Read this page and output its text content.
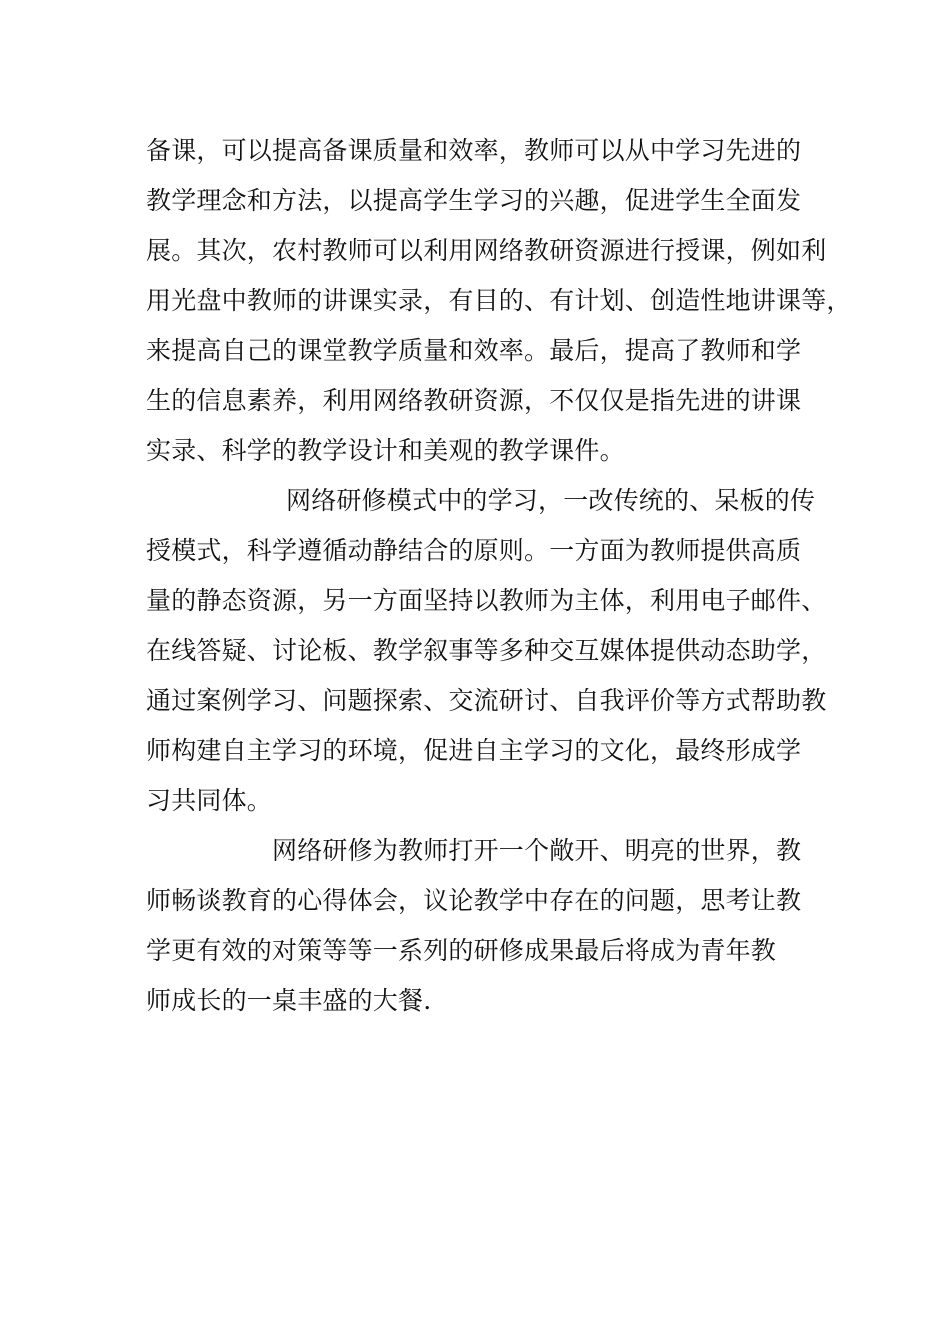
备课，可以提高备课质量和效率，教师可以从中学习先进的
教学理念和方法，以提高学生学习的兴趣，促进学生全面发
展。其次，农村教师可以利用网络教研资源进行授课，例如利
用光盘中教师的讲课实录，有目的、有计划、创造性地讲课等，
来提高自己的课堂教学质量和效率。最后，提高了教师和学
生的信息素养，利用网络教研资源，不仅仅是指先进的讲课
实录、科学的教学设计和美观的教学课件。
网络研修模式中的学习，一改传统的、呆板的传
授模式，科学遵循动静结合的原则。一方面为教师提供高质
量的静态资源，另一方面坚持以教师为主体，利用电子邮件、
在线答疑、讨论板、教学叙事等多种交互媒体提供动态助学，
通过案例学习、问题探索、交流研讨、自我评价等方式帮助教
师构建自主学习的环境，促进自主学习的文化，最终形成学
习共同体。
网络研修为教师打开一个敞开、明亮的世界，教
师畅谈教育的心得体会，议论教学中存在的问题，思考让教
学更有效的对策等等一系列的研修成果最后将成为青年教
师成长的一桌丰盛的大餐.
